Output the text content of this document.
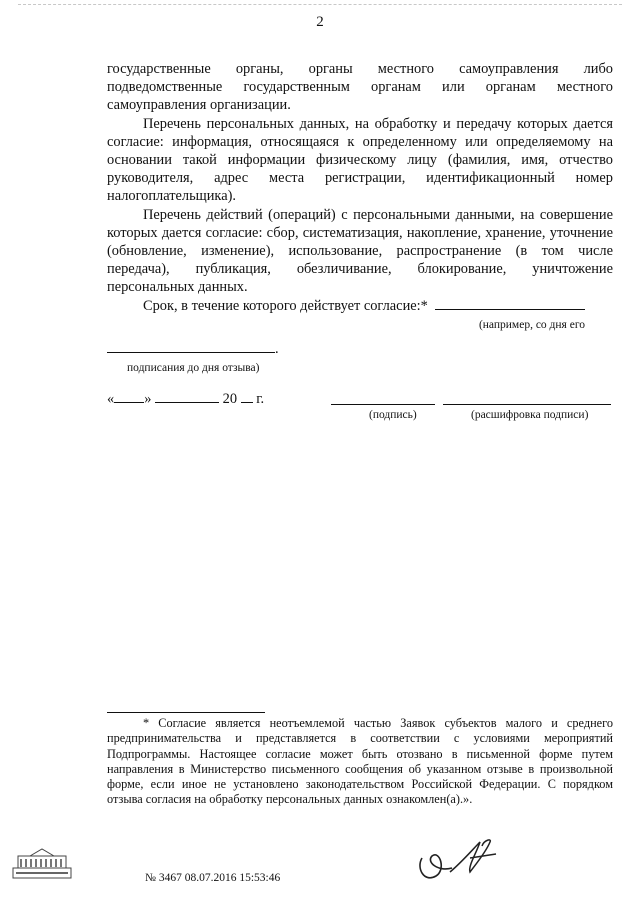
2

государственные органы, органы местного самоуправления либо подведомственные государственным органам или органам местного самоуправления организации.

Перечень персональных данных, на обработку и передачу которых дается согласие: информация, относящаяся к определенному или определяемому на основании такой информации физическому лицу (фамилия, имя, отчество руководителя, адрес места регистрации, идентификационный номер налогоплательщика).

Перечень действий (операций) с персональными данными, на совершение которых дается согласие: сбор, систематизация, накопление, хранение, уточнение (обновление, изменение), использование, распространение (в том числе передача), публикация, обезличивание, блокирование, уничтожение персональных данных.

Срок, в течение которого действует согласие:*

(например, со дня его
.
подписания до дня отзыва)
« »	20 г.
(подпись)	(расшифровка подписи)

* Согласие является неотъемлемой частью Заявок субъектов малого и среднего предпринимательства и представляется в соответствии с условиями мероприятий Подпрограммы. Настоящее согласие может быть отозвано в письменной форме путем направления в Министерство письменного сообщения об указанном отзыве в произвольной форме, если иное не установлено законодательством Российской Федерации. С порядком отзыва согласия на обработку персональных данных ознакомлен(а).».

№ 3467 08.07.2016 15:53:46
